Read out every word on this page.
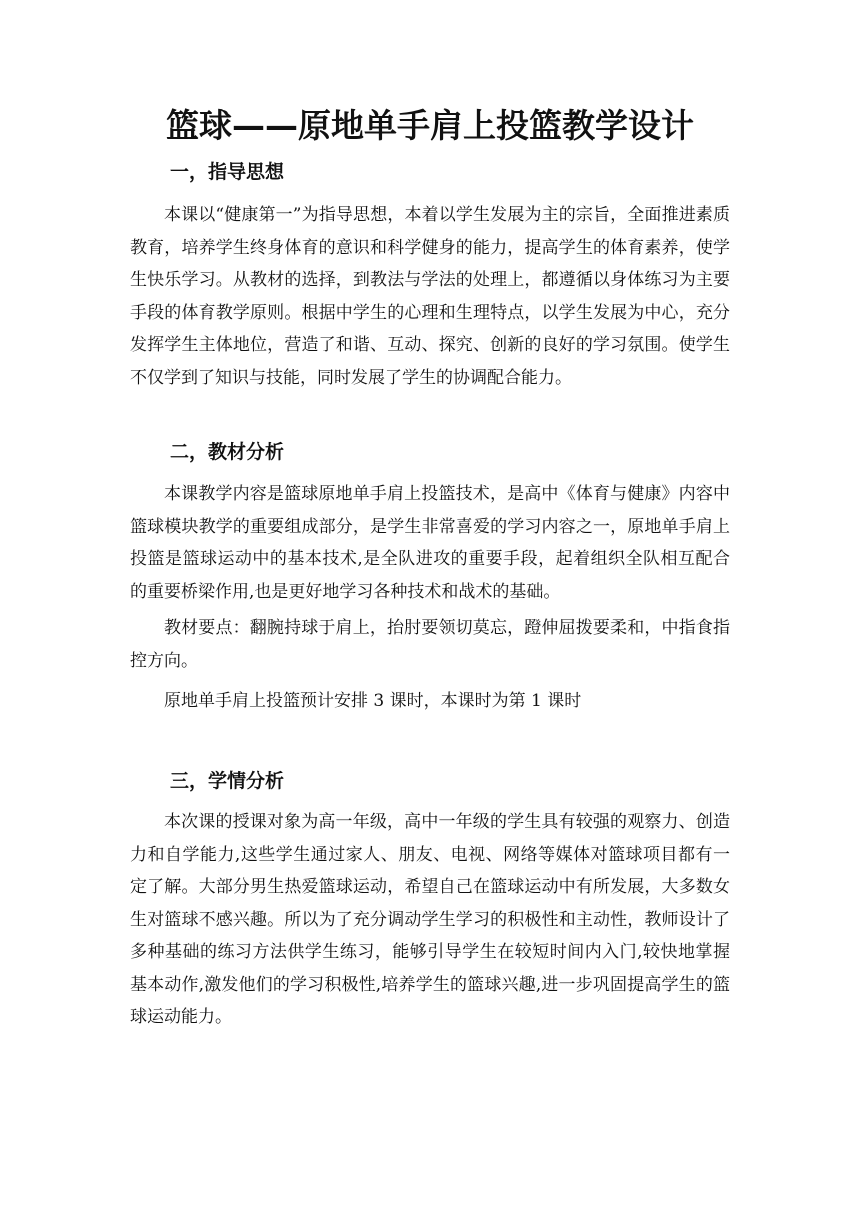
篮球——原地单手肩上投篮教学设计
一，指导思想

本课以“健康第一”为指导思想，本着以学生发展为主的宗旨，全面推进素质教育，培养学生终身体育的意识和科学健身的能力，提高学生的体育素养，使学生快乐学习。从教材的选择，到教法与学法的处理上，都遵循以身体练习为主要手段的体育教学原则。根据中学生的心理和生理特点，以学生发展为中心，充分发挥学生主体地位，营造了和谐、互动、探究、创新的良好的学习氛围。使学生不仅学到了知识与技能，同时发展了学生的协调配合能力。

二，教材分析

本课教学内容是篮球原地单手肩上投篮技术，是高中《体育与健康》内容中篮球模块教学的重要组成部分，是学生非常喜爱的学习内容之一，原地单手肩上投篮是篮球运动中的基本技术,是全队进攻的重要手段，起着组织全队相互配合的重要桥梁作用,也是更好地学习各种技术和战术的基础。

教材要点：翻腕持球于肩上，抬肘要领切莫忘，蹬伸屈拨要柔和，中指食指控方向。

原地单手肩上投篮预计安排 3 课时，本课时为第 1 课时

三，学情分析

本次课的授课对象为高一年级，高中一年级的学生具有较强的观察力、创造力和自学能力,这些学生通过家人、朋友、电视、网络等媒体对篮球项目都有一定了解。大部分男生热爱篮球运动，希望自己在篮球运动中有所发展，大多数女生对篮球不感兴趣。所以为了充分调动学生学习的积极性和主动性，教师设计了多种基础的练习方法供学生练习，能够引导学生在较短时间内入门,较快地掌握基本动作,激发他们的学习积极性,培养学生的篮球兴趣,进一步巩固提高学生的篮球运动能力。
